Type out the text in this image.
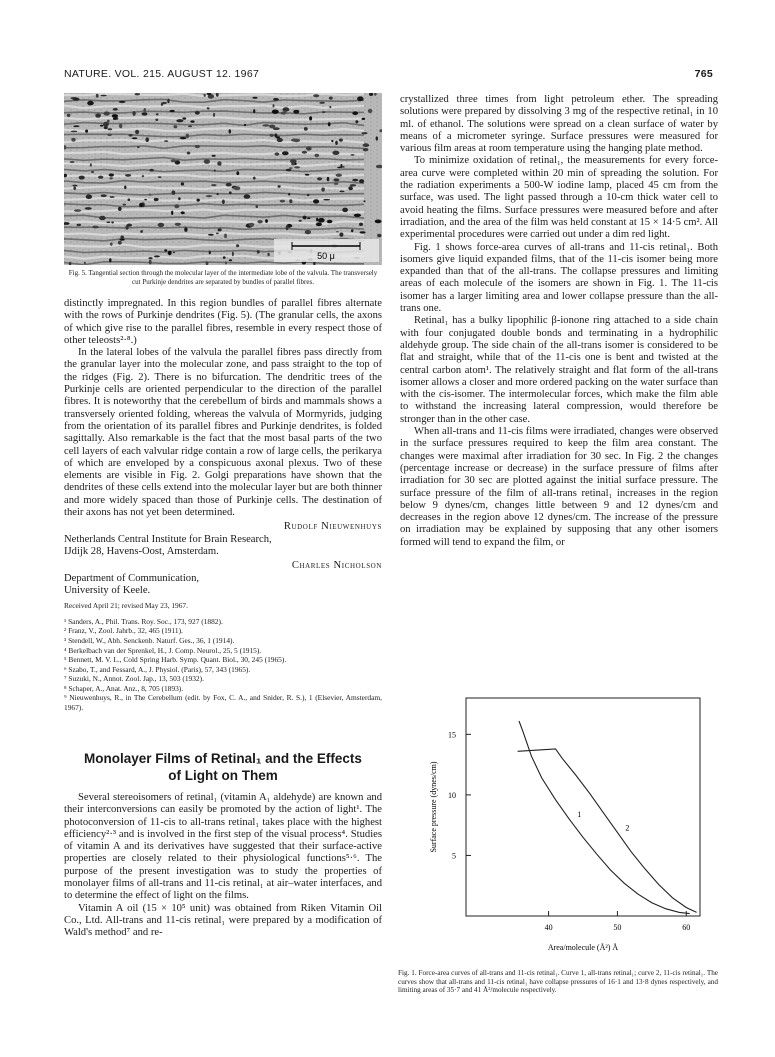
NATURE. VOL. 215. AUGUST 12. 1967	765
50 μ
Fig. 5. Tangential section through the molecular layer of the intermediate lobe of the valvula. The transversely cut Purkinje dendrites are separated by bundles of parallel fibres.

distinctly impregnated. In this region bundles of parallel fibres alternate with the rows of Purkinje dendrites (Fig. 5). (The granular cells, the axons of which give rise to the parallel fibres, resemble in every respect those of other teleosts²·⁸.)

In the lateral lobes of the valvula the parallel fibres pass directly from the granular layer into the molecular zone, and pass straight to the top of the ridges (Fig. 2). There is no bifurcation. The dendritic trees of the Purkinje cells are oriented perpendicular to the direction of the parallel fibres. It is noteworthy that the cerebellum of birds and mammals shows a transversely oriented folding, whereas the valvula of Mormyrids, judging from the orientation of its parallel fibres and Purkinje dendrites, is folded sagittally. Also remarkable is the fact that the most basal parts of the two cell layers of each valvular ridge contain a row of large cells, the perikarya of which are enveloped by a conspicuous axonal plexus. Two of these elements are visible in Fig. 2. Golgi preparations have shown that the dendrites of these cells extend into the molecular layer but are both thinner and more widely spaced than those of Purkinje cells. The destination of their axons has not yet been determined.

Rudolf Nieuwenhuys
Netherlands Central Institute for Brain Research,
IJdijk 28, Havens-Oost, Amsterdam.
Charles Nicholson
Department of Communication,
University of Keele.
Received April 21; revised May 23, 1967.
¹ Sanders, A., Phil. Trans. Roy. Soc., 173, 927 (1882).
² Franz, V., Zool. Jahrb., 32, 465 (1911).
³ Stendell, W., Abh. Senckenb. Naturf. Ges., 36, 1 (1914).
⁴ Berkelbach van der Sprenkel, H., J. Comp. Neurol., 25, 5 (1915).
⁵ Bennett, M. V. L., Cold Spring Harb. Symp. Quant. Biol., 30, 245 (1965).
⁶ Szabo, T., and Fessard, A., J. Physiol. (Paris), 57, 343 (1965).
⁷ Suzuki, N., Annot. Zool. Jap., 13, 503 (1932).
⁸ Schaper, A., Anat. Anz., 8, 705 (1893).
⁹ Nieuwenhuys, R., in The Cerebellum (edit. by Fox, C. A., and Snider, R. S.), 1 (Elsevier, Amsterdam, 1967).
Monolayer Films of Retinal₁ and the Effects
of Light on Them

Several stereoisomers of retinal₁ (vitamin A₁ aldehyde) are known and their interconversions can easily be promoted by the action of light¹. The photoconversion of 11-cis to all-trans retinal₁ takes place with the highest efficiency²·³ and is involved in the first step of the visual process⁴. Studies of vitamin A and its derivatives have suggested that their surface-active properties are closely related to their physiological functions⁵·⁶. The purpose of the present investigation was to study the properties of monolayer films of all-trans and 11-cis retinal₁ at air–water interfaces, and to determine the effect of light on the films.

Vitamin A oil (15 × 10⁵ unit) was obtained from Riken Vitamin Oil Co., Ltd. All-trans and 11-cis retinal₁ were prepared by a modification of Wald's method⁷ and re-

crystallized three times from light petroleum ether. The spreading solutions were prepared by dissolving 3 mg of the respective retinal₁ in 10 ml. of ethanol. The solutions were spread on a clean surface of water by means of a micrometer syringe. Surface pressures were measured for various film areas at room temperature using the hanging plate method.

To minimize oxidation of retinal₁, the measurements for every force-area curve were completed within 20 min of spreading the solution. For the radiation experiments a 500-W iodine lamp, placed 45 cm from the surface, was used. The light passed through a 10-cm thick water cell to avoid heating the films. Surface pressures were measured before and after irradiation, and the area of the film was held constant at 15 × 14·5 cm². All experimental procedures were carried out under a dim red light.

Fig. 1 shows force-area curves of all-trans and 11-cis retinal₁. Both isomers give liquid expanded films, that of the 11-cis isomer being more expanded than that of the all-trans. The collapse pressures and limiting areas of each molecule of the isomers are shown in Fig. 1. The 11-cis isomer has a larger limiting area and lower collapse pressure than the all-trans one.

Retinal₁ has a bulky lipophilic β-ionone ring attached to a side chain with four conjugated double bonds and terminating in a hydrophilic aldehyde group. The side chain of the all-trans isomer is considered to be flat and straight, while that of the 11-cis one is bent and twisted at the central carbon atom¹. The relatively straight and flat form of the all-trans isomer allows a closer and more ordered packing on the water surface than with the cis-isomer. The intermolecular forces, which make the film able to withstand the increasing lateral compression, would therefore be stronger than in the other case.

When all-trans and 11-cis films were irradiated, changes were observed in the surface pressures required to keep the film area constant. The changes were maximal after irradiation for 30 sec. In Fig. 2 the changes (percentage increase or decrease) in the surface pressure of films after irradiation for 30 sec are plotted against the initial surface pressure. The surface pressure of the film of all-trans retinal₁ increases in the region below 9 dynes/cm, changes little between 9 and 12 dynes/cm and decreases in the region above 12 dynes/cm. The increase of the pressure on irradiation may be explained by supposing that any other isomers formed will tend to expand the film, or

40	50	60
5
10
15
Area/molecule (Å²) Å
Surface pressure (dynes/cm)	1
2
Fig. 1. Force-area curves of all-trans and 11-cis retinal₁. Curve 1, all-trans retinal₁; curve 2, 11-cis retinal₁. The curves show that all-trans and 11-cis retinal₁ have collapse pressures of 16·1 and 13·8 dynes respectively, and limiting areas of 35·7 and 41 Å²/molecule respectively.
